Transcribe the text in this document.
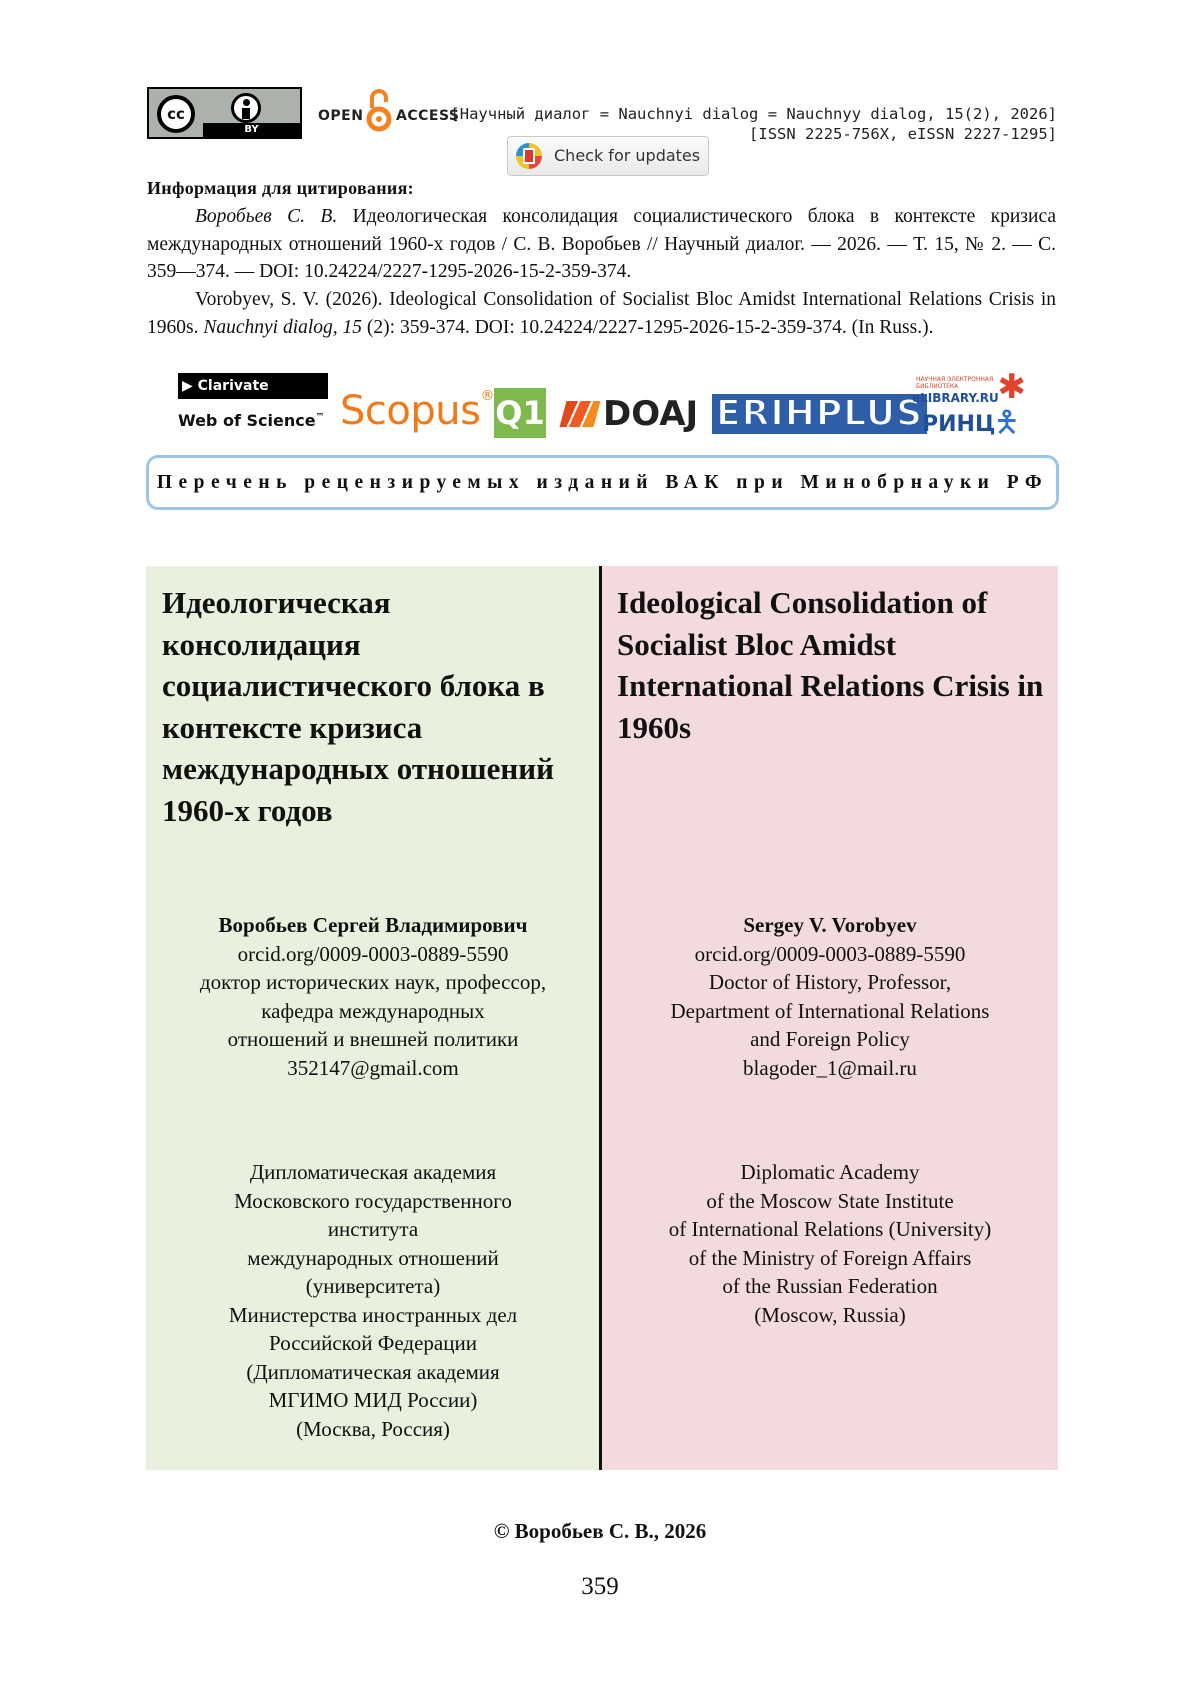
cc
BY
OPEN ACCESS
[Научный диалог = Nauchnyi dialog = Nauchnyy dialog, 15(2), 2026]
[ISSN 2225-756X, eISSN 2227-1295]
Check for updates
Информация для цитирования:
Воробьев С. В. Идеологическая консолидация социалистического блока в контексте кризиса международных отношений 1960-х годов / С. В. Воробьев // Научный диалог. — 2026. — Т. 15, № 2. — С. 359—374. — DOI: 10.24224/2227-1295-2026-15-2-359-374.
Vorobyev, S. V. (2026). Ideological Consolidation of Socialist Bloc Amidst International Relations Crisis in 1960s. Nauchnyi dialog, 15 (2): 359-374. DOI: 10.24224/2227-1295-2026-15-2-359-374. (In Russ.).
▶ Clarivate
Web of Science™ Scopus® Q1	DOAJ ERIHPLUS
НАУЧНАЯ ЭЛЕКТРОННАЯ БИБЛИОТЕКА
eLIBRARY.RU
РИНЦ
✱
🯅
Перечень рецензируемых изданий ВАК при Минобрнауки РФ
Идеологическая консолидация социалистического блока в контексте кризиса международных отношений 1960-х годов
Ideological Consolidation of Socialist Bloc Amidst International Relations Crisis in 1960s
Воробьев Сергей Владимирович
orcid.org/0009-0003-0889-5590
доктор исторических наук, профессор,
кафедра международных
отношений и внешней политики
352147@gmail.com
Sergey V. Vorobyev
orcid.org/0009-0003-0889-5590
Doctor of History, Professor,
Department of International Relations
and Foreign Policy
blagoder_1@mail.ru
Дипломатическая академия
Московского государственного
института
международных отношений
(университета)
Министерства иностранных дел
Российской Федерации
(Дипломатическая академия
МГИМО МИД России)
(Москва, Россия)
Diplomatic Academy
of the Moscow State Institute
of International Relations (University)
of the Ministry of Foreign Affairs
of the Russian Federation
(Moscow, Russia)
© Воробьев С. В., 2026
359
